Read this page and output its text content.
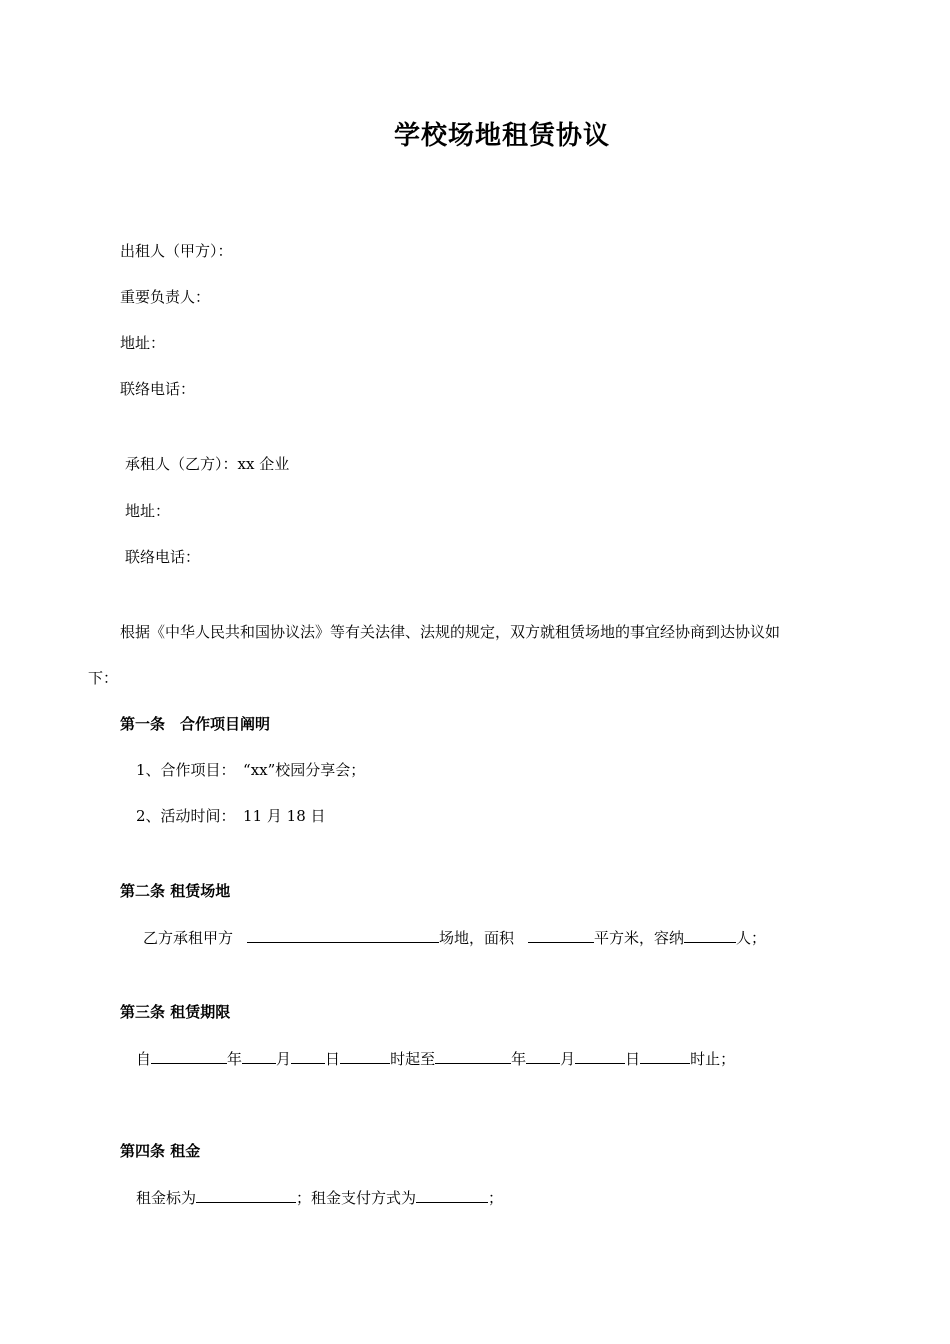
学校场地租赁协议
出租人（甲方）：
重要负责人：
地址：
联络电话：
承租人（乙方）：xx 企业
地址：
联络电话：
根据《中华人民共和国协议法》等有关法律、法规的规定，双方就租赁场地的事宜经协商到达协议如
下：
第一条　合作项目阐明
1、合作项目：　“xx”校园分享会；
2、活动时间：　11 月 18 日
第二条 租赁场地
乙方承租甲方	场地，面积	平方米，容纳	人；
第三条 租赁期限
自	年 月 日	时起至	年 月	日	时止；
第四条 租金
租金标为	；租金支付方式为	；
